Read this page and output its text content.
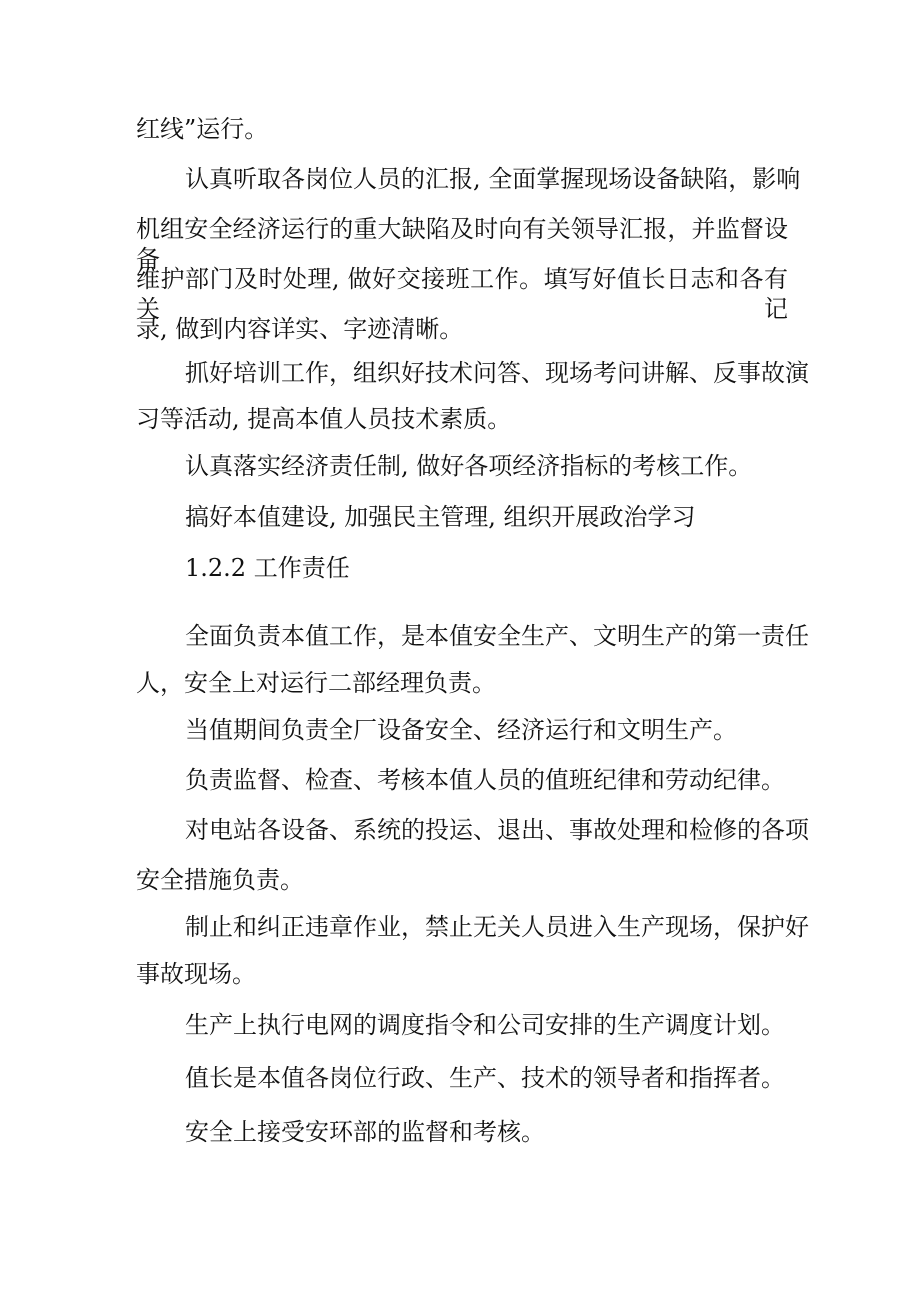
红线”运行。

认真听取各岗位人员的汇报, 全面掌握现场设备缺陷，影响

机组安全经济运行的重大缺陷及时向有关领导汇报，并监督设备

维护部门及时处理, 做好交接班工作。填写好值长日志和各有关记

录, 做到内容详实、字迹清晰。

抓好培训工作，组织好技术问答、现场考问讲解、反事故演

习等活动, 提高本值人员技术素质。

认真落实经济责任制, 做好各项经济指标的考核工作。

搞好本值建设, 加强民主管理, 组织开展政治学习

1.2.2 工作责任

全面负责本值工作，是本值安全生产、文明生产的第一责任

人，安全上对运行二部经理负责。

当值期间负责全厂设备安全、经济运行和文明生产。

负责监督、检查、考核本值人员的值班纪律和劳动纪律。

对电站各设备、系统的投运、退出、事故处理和检修的各项

安全措施负责。

制止和纠正违章作业，禁止无关人员进入生产现场，保护好

事故现场。

生产上执行电网的调度指令和公司安排的生产调度计划。

值长是本值各岗位行政、生产、技术的领导者和指挥者。

安全上接受安环部的监督和考核。
